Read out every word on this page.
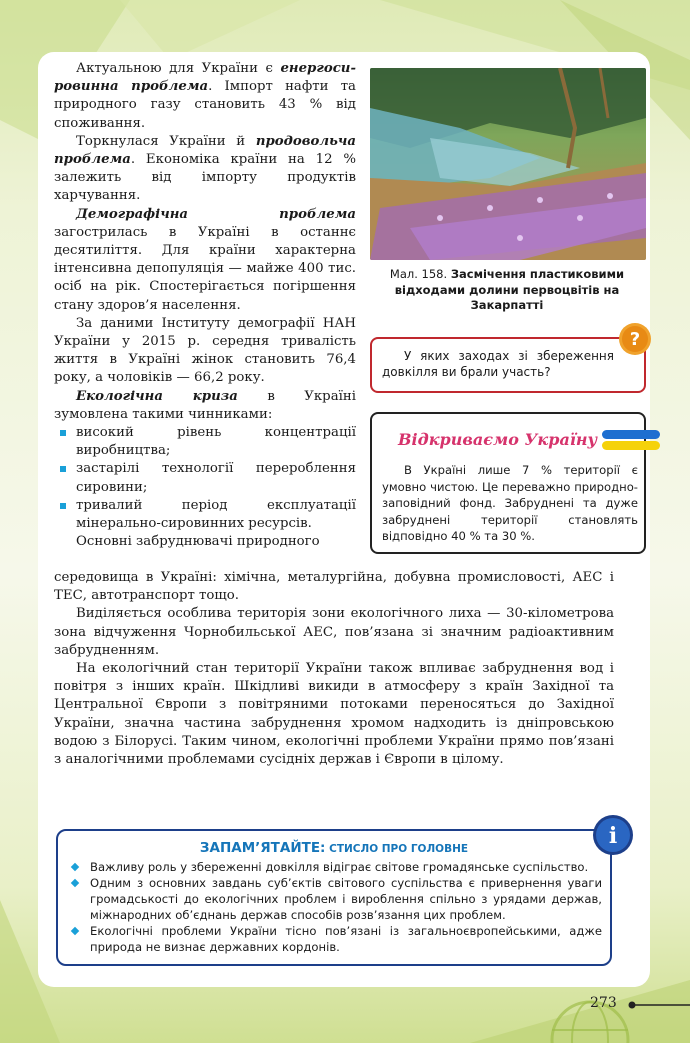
Актуальною для України є енергосировинна проблема. Імпорт нафти та природного газу становить 43 % від споживання.

Торкнулася України й продовольча проблема. Економіка країни на 12 % залежить від імпорту продуктів харчування.

Демографічна проблема загострилась в Україні в останнє десятиліття. Для країни характерна інтенсивна депопуляція — майже 400 тис. осіб на рік. Спостерігається погіршення стану здоров’я населення.

За даними Інституту демографії НАН України у 2015 р. середня тривалість життя в Україні жінок становить 76,4 року, а чоловіків — 66,2 року.

Екологічна криза в Україні зумовлена такими чинниками:

високий рівень концентрації виробництва;
застарілі технології перероблення сировини;
тривалий період експлуатації мінерально-сировинних ресурсів.

Основні забруднювачі природного

середовища в Україні: хімічна, металургійна, добувна промисловості, АЕС і ТЕС, автотранспорт тощо.

Виділяється особлива територія зони екологічного лиха — 30-кілометрова зона відчуження Чорнобильської АЕС, пов’язана зі значним радіоактивним забрудненням.

На екологічний стан території України також впливає забруднення вод і повітря з інших країн. Шкідливі викиди в атмосферу з країн Західної та Центральної Європи з повітряними потоками переносяться до Західної України, значна частина забруднення хромом надходить із дніпровською водою з Білорусі. Таким чином, екологічні проблеми України прямо пов’язані з аналогічними проблемами сусідніх держав і Європи в цілому.

Мал. 158. Засмічення пластиковими відходами долини первоцвітів на Закарпатті

У яких заходах зі збереження довкілля ви брали участь?

?
Відкриваємо Україну

В Україні лише 7 % території є умовно чистою. Це переважно природно-заповідний фонд. Забруднені та дуже забруднені території становлять відповідно 40 % та 30 %.

ЗАПАМ’ЯТАЙТЕ: СТИСЛО ПРО ГОЛОВНЕ
Важливу роль у збереженні довкілля відіграє світове громадянське суспільство.
Одним з основних завдань суб’єктів світового суспільства є привернення уваги громадськості до екологічних проблем і вироблення спільно з урядами держав, міжнародних об’єднань держав способів розв’язання цих проблем.
Екологічні проблеми України тісно пов’язані із загальноєвропейськими, адже природа не визнає державних кордонів.
i
273
